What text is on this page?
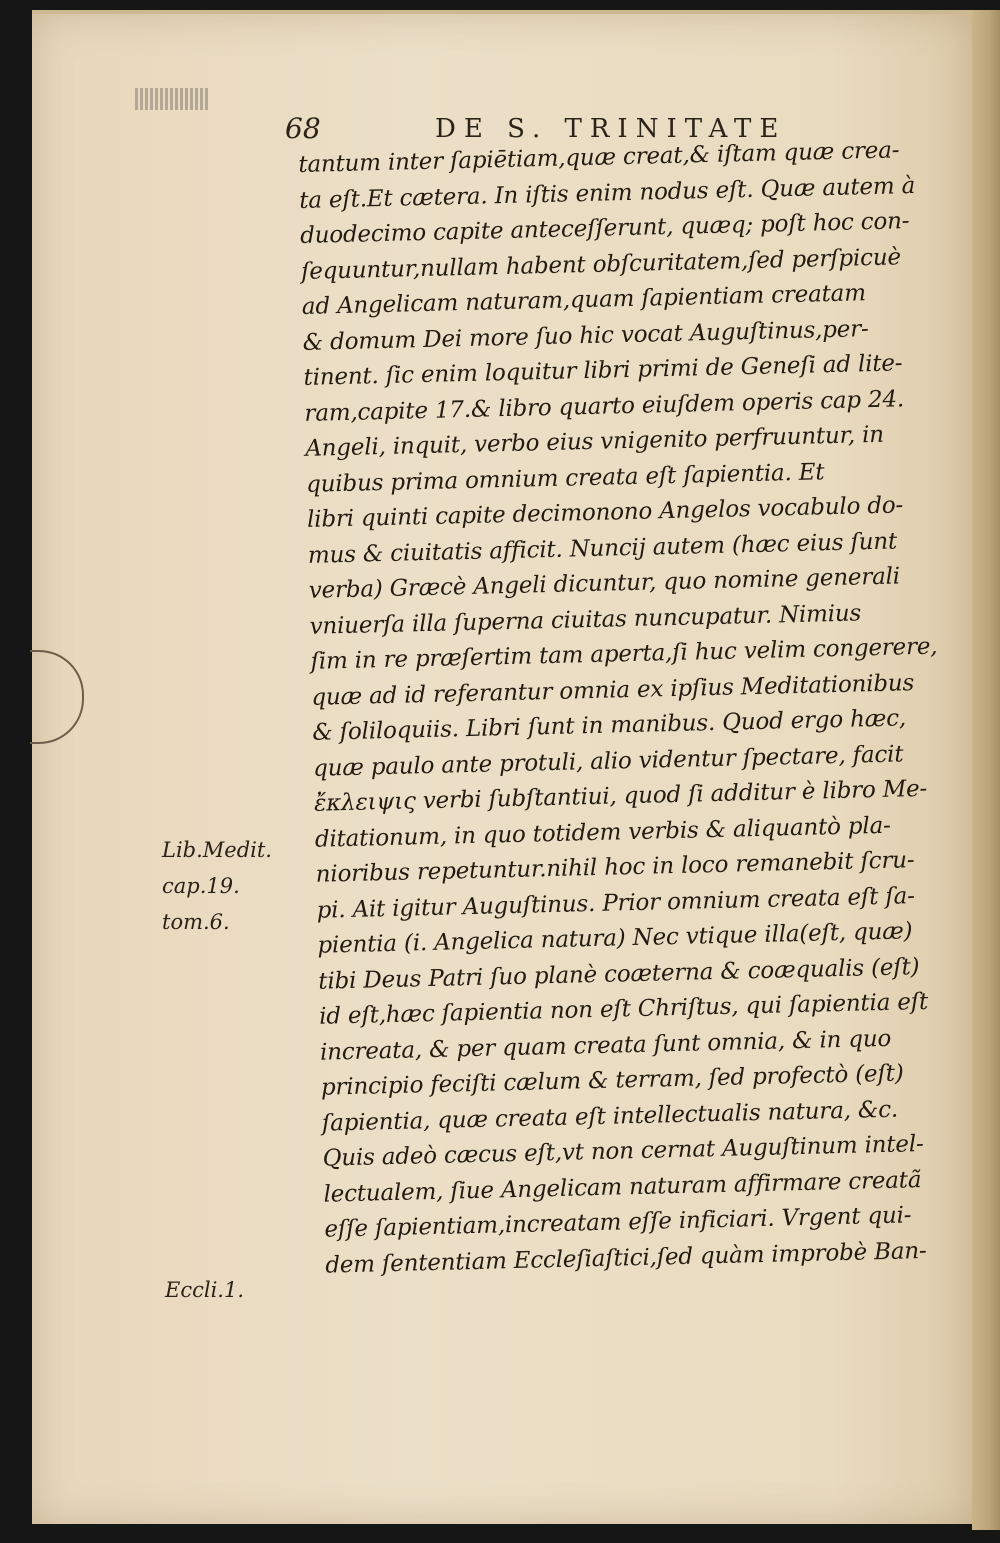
68	DE S. TRINITATE
tantum inter ſapiētiam,quæ creat,& iſtam quæ crea-
ta eſt.Et cætera. In iſtis enim nodus eſt. Quæ autem à
duodecimo capite anteceſſerunt, quæq; poſt hoc con-
ſequuntur,nullam habent obſcuritatem,ſed perſpicuè
ad Angelicam naturam,quam ſapientiam creatam
& domum Dei more ſuo hic vocat Auguſtinus,per-
tinent. ſic enim loquitur libri primi de Geneſi ad lite-
ram,capite 17.& libro quarto eiuſdem operis cap 24.
Angeli, inquit, verbo eius vnigenito perfruuntur, in
quibus prima omnium creata eſt ſapientia. Et
libri quinti capite decimonono Angelos vocabulo do-
mus & ciuitatis afficit. Nuncij autem (hæc eius ſunt
verba) Græcè Angeli dicuntur, quo nomine generali
vniuerſa illa ſuperna ciuitas nuncupatur. Nimius
ſim in re præſertim tam aperta,ſi huc velim congerere,
quæ ad id referantur omnia ex ipſius Meditationibus
& ſoliloquiis. Libri ſunt in manibus. Quod ergo hæc,
quæ paulo ante protuli, alio videntur ſpectare, facit
ἔκλειψις verbi ſubſtantiui, quod ſi additur è libro Me-
ditationum, in quo totidem verbis & aliquantò pla-
nioribus repetuntur.nihil hoc in loco remanebit ſcru-
pi. Ait igitur Auguſtinus. Prior omnium creata eſt ſa-
pientia (i. Angelica natura) Nec vtique illa(eſt, quæ)
tibi Deus Patri ſuo planè coæterna & coæqualis (eſt)
id eſt,hæc ſapientia non eſt Chriſtus, qui ſapientia eſt
increata, & per quam creata ſunt omnia, & in quo
principio feciſti cælum & terram, ſed profectò (eſt)
ſapientia, quæ creata eſt intellectualis natura, &c.
Quis adeò cæcus eſt,vt non cernat Auguſtinum intel-
lectualem, ſiue Angelicam naturam affirmare creatã
eſſe ſapientiam,increatam eſſe inficiari. Vrgent qui-
dem ſententiam Eccleſiaſtici,ſed quàm improbè Ban-
Lib.Medit.
cap.19.
tom.6.
Eccli.1.
